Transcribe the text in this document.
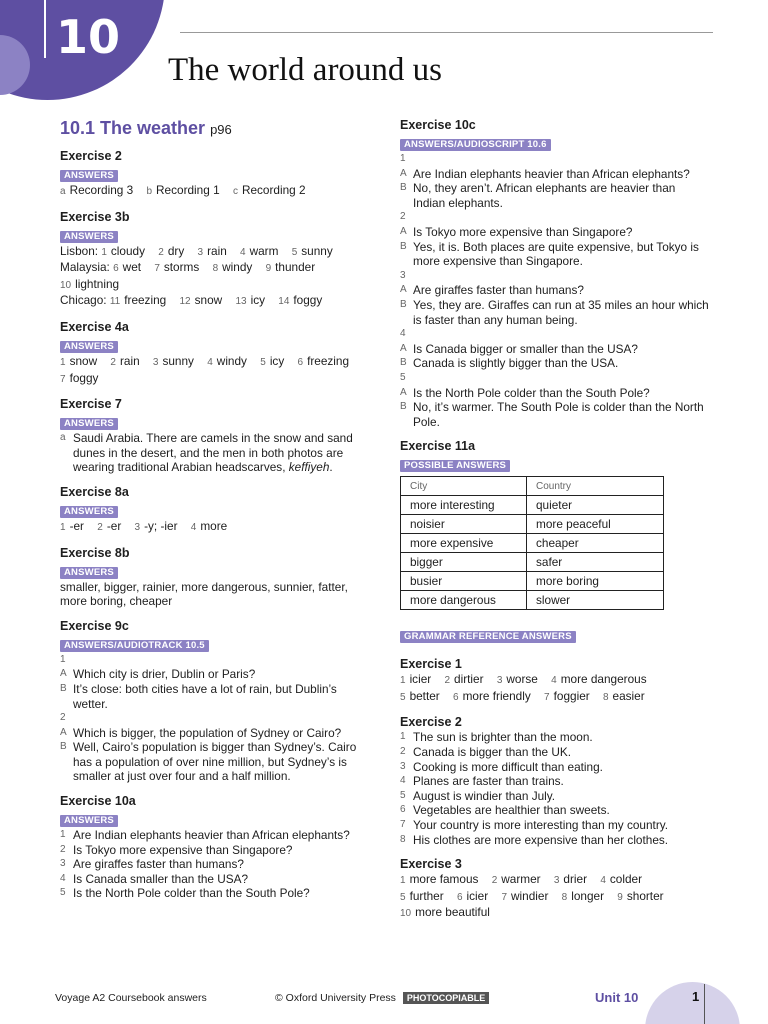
10
The world around us
10.1 The weather p96
Exercise 2
ANSWERS
a Recording 3 b Recording 1 c Recording 2
Exercise 3b
ANSWERS
Lisbon: 1 cloudy 2 dry 3 rain 4 warm 5 sunny
Malaysia: 6 wet 7 storms 8 windy 9 thunder
10 lightning
Chicago: 11 freezing 12 snow 13 icy 14 foggy
Exercise 4a
ANSWERS
1 snow 2 rain 3 sunny 4 windy 5 icy 6 freezing
7 foggy
Exercise 7
ANSWERS
a Saudi Arabia. There are camels in the snow and sand
dunes in the desert, and the men in both photos are
wearing traditional Arabian headscarves, keffiyeh.
Exercise 8a
ANSWERS
1 -er 2 -er 3 -y; -ier 4 more
Exercise 8b
ANSWERS
smaller, bigger, rainier, more dangerous, sunnier, fatter,
more boring, cheaper
Exercise 9c
ANSWERS/AUDIOTRACK 10.5
1
A Which city is drier, Dublin or Paris?
B It’s close: both cities have a lot of rain, but Dublin’s
wetter.
2
A Which is bigger, the population of Sydney or Cairo?
B Well, Cairo’s population is bigger than Sydney’s. Cairo
has a population of over nine million, but Sydney’s is
smaller at just over four and a half million.
Exercise 10a
ANSWERS
1 Are Indian elephants heavier than African elephants?
2 Is Tokyo more expensive than Singapore?
3 Are giraffes faster than humans?
4 Is Canada smaller than the USA?
5 Is the North Pole colder than the South Pole?
Exercise 10c
ANSWERS/AUDIOSCRIPT 10.6
1
A Are Indian elephants heavier than African elephants?
B No, they aren’t. African elephants are heavier than
Indian elephants.
2
A Is Tokyo more expensive than Singapore?
B Yes, it is. Both places are quite expensive, but Tokyo is
more expensive than Singapore.
3
A Are giraffes faster than humans?
B Yes, they are. Giraffes can run at 35 miles an hour which
is faster than any human being.
4
A Is Canada bigger or smaller than the USA?
B Canada is slightly bigger than the USA.
5
A Is the North Pole colder than the South Pole?
B No, it’s warmer. The South Pole is colder than the North
Pole.
Exercise 11a
POSSIBLE ANSWERS
City	Country
more interesting	quieter
noisier	more peaceful
more expensive	cheaper
bigger	safer
busier	more boring
more dangerous	slower
GRAMMAR REFERENCE ANSWERS
Exercise 1
1 icier 2 dirtier 3 worse 4 more dangerous
5 better 6 more friendly 7 foggier 8 easier
Exercise 2
1 The sun is brighter than the moon.
2 Canada is bigger than the UK.
3 Cooking is more difficult than eating.
4 Planes are faster than trains.
5 August is windier than July.
6 Vegetables are healthier than sweets.
7 Your country is more interesting than my country.
8 His clothes are more expensive than her clothes.
Exercise 3
1 more famous 2 warmer 3 drier 4 colder
5 further 6 icier 7 windier 8 longer 9 shorter
10 more beautiful
Voyage A2 Coursebook answers	© Oxford University Press PHOTOCOPIABLE	Unit 10	1
